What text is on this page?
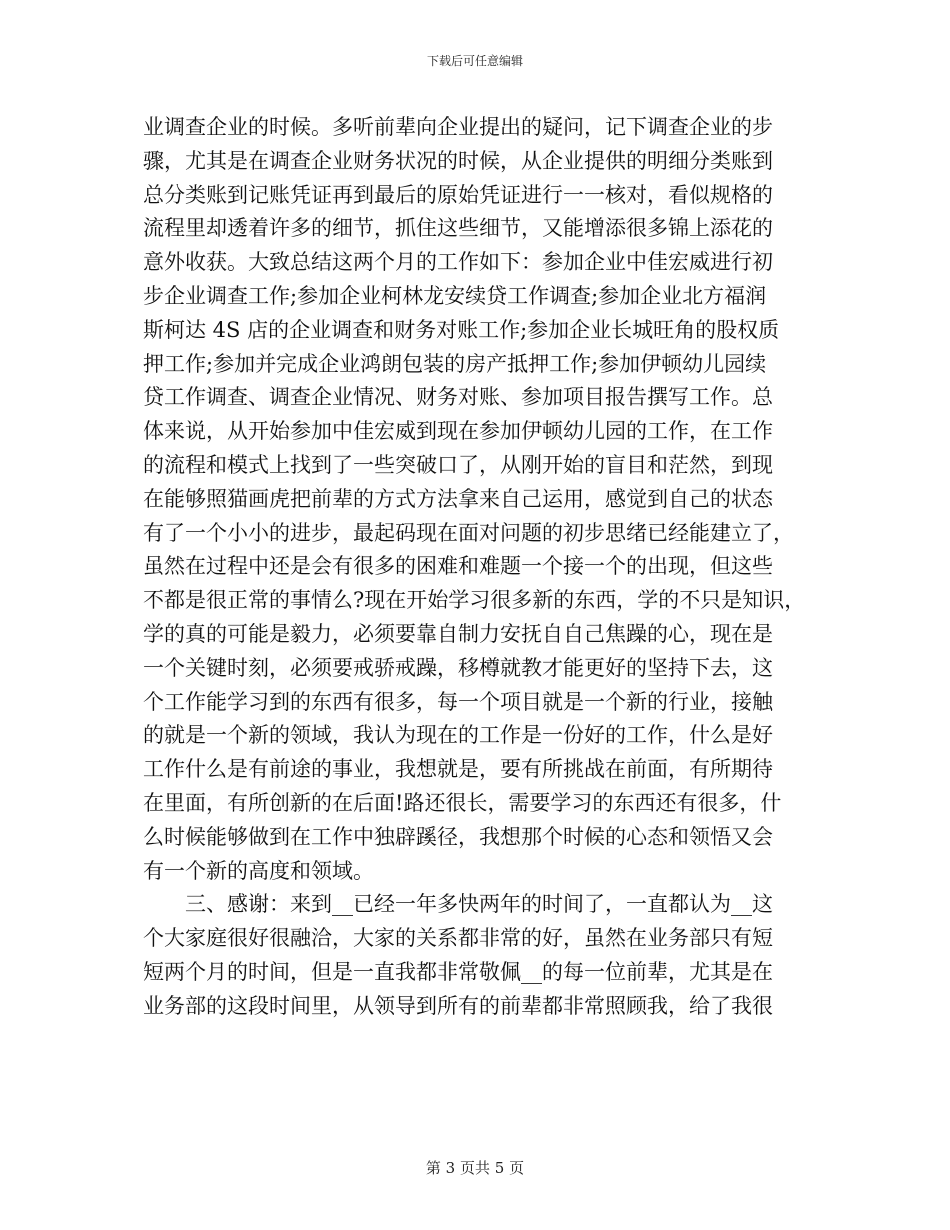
下载后可任意编辑
业调查企业的时候。多听前辈向企业提出的疑问，记下调查企业的步
骤，尤其是在调查企业财务状况的时候，从企业提供的明细分类账到
总分类账到记账凭证再到最后的原始凭证进行一一核对，看似规格的
流程里却透着许多的细节，抓住这些细节，又能增添很多锦上添花的
意外收获。大致总结这两个月的工作如下：参加企业中佳宏威进行初
步企业调查工作;参加企业柯林龙安续贷工作调查;参加企业北方福润
斯柯达 4S 店的企业调查和财务对账工作;参加企业长城旺角的股权质
押工作;参加并完成企业鸿朗包装的房产抵押工作;参加伊顿幼儿园续
贷工作调查、调查企业情况、财务对账、参加项目报告撰写工作。总
体来说，从开始参加中佳宏威到现在参加伊顿幼儿园的工作，在工作
的流程和模式上找到了一些突破口了，从刚开始的盲目和茫然，到现
在能够照猫画虎把前辈的方式方法拿来自己运用，感觉到自己的状态
有了一个小小的进步，最起码现在面对问题的初步思绪已经能建立了，
虽然在过程中还是会有很多的困难和难题一个接一个的出现，但这些
不都是很正常的事情么?现在开始学习很多新的东西，学的不只是知识，
学的真的可能是毅力，必须要靠自制力安抚自自己焦躁的心，现在是
一个关键时刻，必须要戒骄戒躁，移樽就教才能更好的坚持下去，这
个工作能学习到的东西有很多，每一个项目就是一个新的行业，接触
的就是一个新的领域，我认为现在的工作是一份好的工作，什么是好
工作什么是有前途的事业，我想就是，要有所挑战在前面，有所期待
在里面，有所创新的在后面!路还很长，需要学习的东西还有很多，什
么时候能够做到在工作中独辟蹊径，我想那个时候的心态和领悟又会
有一个新的高度和领域。
三、感谢：来到__已经一年多快两年的时间了，一直都认为__这
个大家庭很好很融洽，大家的关系都非常的好，虽然在业务部只有短
短两个月的时间，但是一直我都非常敬佩__的每一位前辈，尤其是在
业务部的这段时间里，从领导到所有的前辈都非常照顾我，给了我很
第 3 页共 5 页
